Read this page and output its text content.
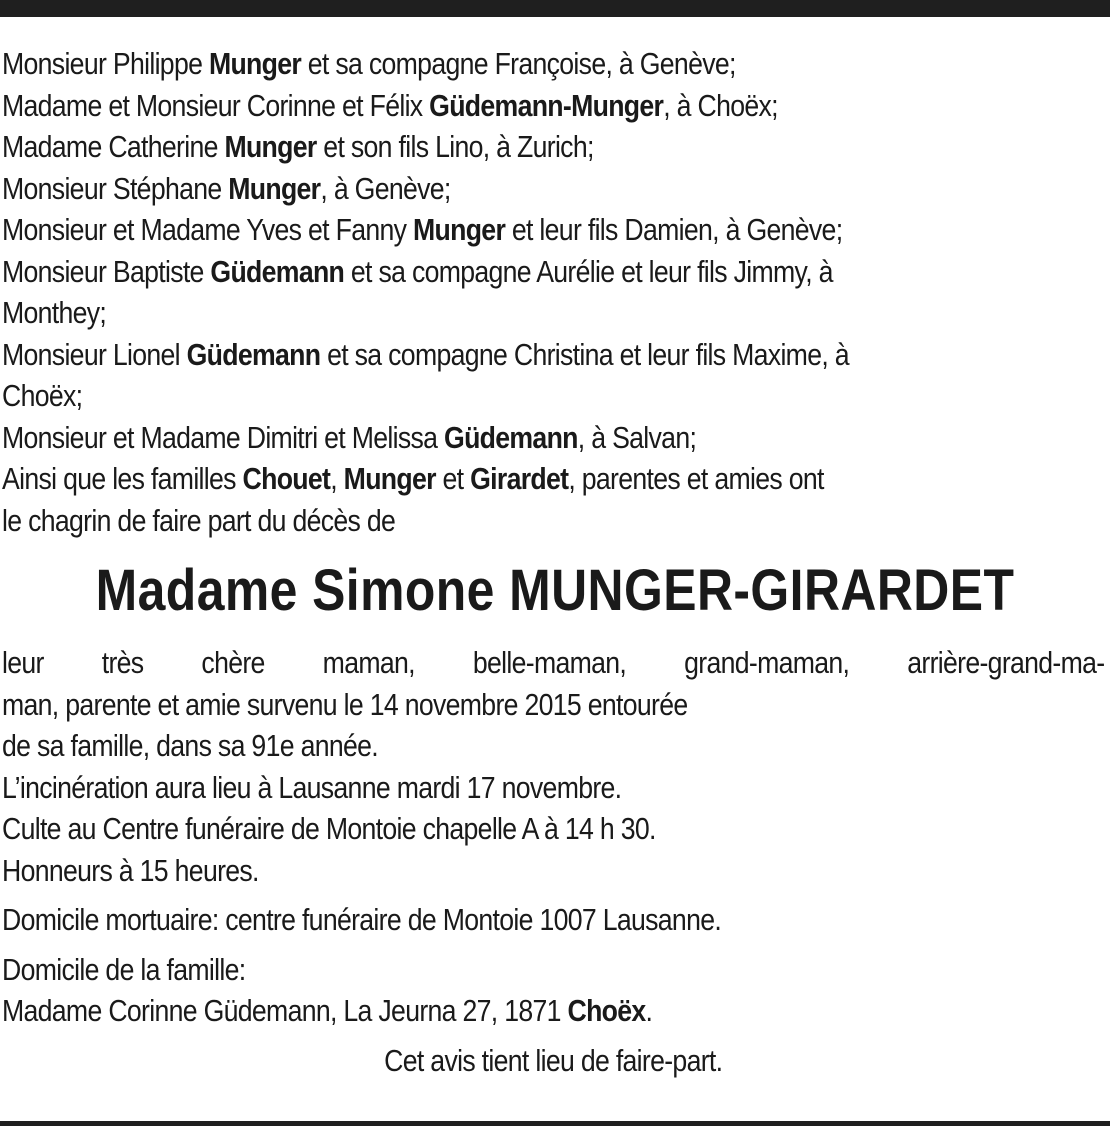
Monsieur Philippe Munger et sa compagne Françoise, à Genève;
Madame et Monsieur Corinne et Félix Güdemann-Munger, à Choëx;
Madame Catherine Munger et son fils Lino, à Zurich;
Monsieur Stéphane Munger, à Genève;
Monsieur et Madame Yves et Fanny Munger et leur fils Damien, à Genève;
Monsieur Baptiste Güdemann et sa compagne Aurélie et leur fils Jimmy, à
Monthey;
Monsieur Lionel Güdemann et sa compagne Christina et leur fils Maxime, à
Choëx;
Monsieur et Madame Dimitri et Melissa Güdemann, à Salvan;
Ainsi que les familles Chouet, Munger et Girardet, parentes et amies ont
le chagrin de faire part du décès de
Madame Simone MUNGER-GIRARDET
leur très chère maman, belle-maman, grand-maman, arrière-grand-ma-
man, parente et amie survenu le 14 novembre 2015 entourée
de sa famille, dans sa 91e année.
L’incinération aura lieu à Lausanne mardi 17 novembre.
Culte au Centre funéraire de Montoie chapelle A à 14 h 30.
Honneurs à 15 heures.
Domicile mortuaire: centre funéraire de Montoie 1007 Lausanne.
Domicile de la famille:
Madame Corinne Güdemann, La Jeurna 27, 1871 Choëx.
Cet avis tient lieu de faire-part.
